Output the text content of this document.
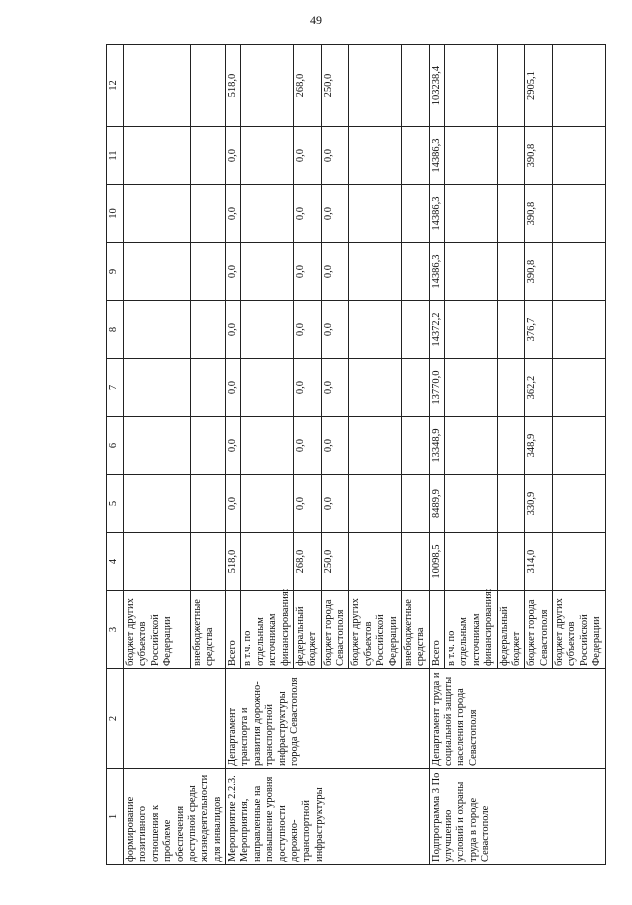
49
1	2	3	4	5	6	7	8	9	10	11	12
формирование позитивного отношения к проблеме обеспечения доступной среды жизнедеятельности для инвалидов		бюджет других субъектов Российской Федерации									
		внебюджетные средства									
Мероприятие 2.2.3. Мероприятия, направленные на повышение уровня доступности дорожно-транспортной инфраструктуры	Департамент транспорта и развития дорожно-транспортной инфраструктуры города Севастополя	Всего	518,0	0,0	0,0	0,0	0,0	0,0	0,0	0,0	518,0
		в т.ч. по отдельным источникам финансирования:									
		федеральный бюджет	268,0	0,0	0,0	0,0	0,0	0,0	0,0	0,0	268,0
		бюджет города Севастополя	250,0	0,0	0,0	0,0	0,0	0,0	0,0	0,0	250,0
		бюджет других субъектов Российской Федерации									
		внебюджетные средства									
Подпрограмма 3 По улучшению условий и охраны труда в городе Севастополе	Департамент труда и социальной защиты населения города Севастополя	Всего	10098,5	8489,9	13348,9	13770,0	14372,2	14386,3	14386,3	14386,3	103238,4
		в т.ч. по отдельным источникам финансирования:									
		федеральный бюджет									
		бюджет города Севастополя	314,0	330,9	348,9	362,2	376,7	390,8	390,8	390,8	2905,1
		бюджет других субъектов Российской Федерации									
